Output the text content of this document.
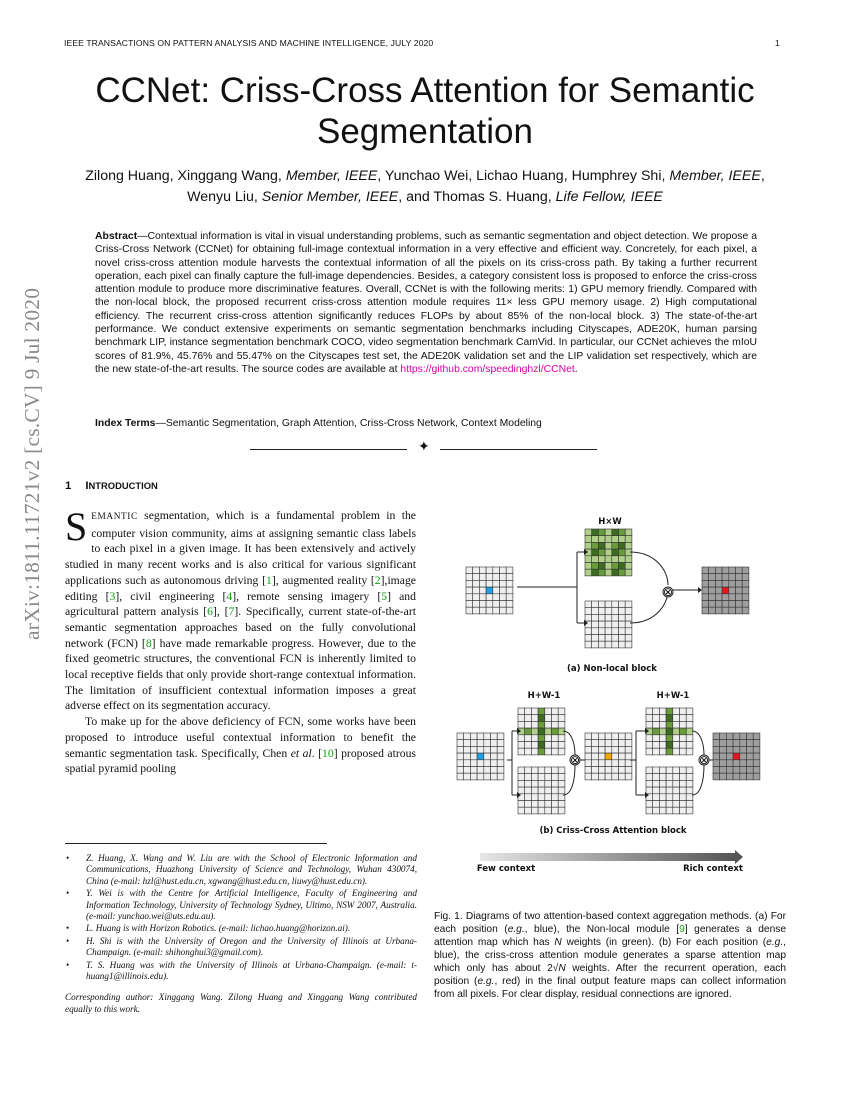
IEEE TRANSACTIONS ON PATTERN ANALYSIS AND MACHINE INTELLIGENCE, JULY 2020	1
arXiv:1811.11721v2 [cs.CV] 9 Jul 2020
CCNet: Criss-Cross Attention for Semantic Segmentation
Zilong Huang, Xinggang Wang, Member, IEEE, Yunchao Wei, Lichao Huang, Humphrey Shi, Member, IEEE, Wenyu Liu, Senior Member, IEEE, and Thomas S. Huang, Life Fellow, IEEE
Abstract—Contextual information is vital in visual understanding problems, such as semantic segmentation and object detection. We propose a Criss-Cross Network (CCNet) for obtaining full-image contextual information in a very effective and efficient way. Concretely, for each pixel, a novel criss-cross attention module harvests the contextual information of all the pixels on its criss-cross path. By taking a further recurrent operation, each pixel can finally capture the full-image dependencies. Besides, a category consistent loss is proposed to enforce the criss-cross attention module to produce more discriminative features. Overall, CCNet is with the following merits: 1) GPU memory friendly. Compared with the non-local block, the proposed recurrent criss-cross attention module requires 11× less GPU memory usage. 2) High computational efficiency. The recurrent criss-cross attention significantly reduces FLOPs by about 85% of the non-local block. 3) The state-of-the-art performance. We conduct extensive experiments on semantic segmentation benchmarks including Cityscapes, ADE20K, human parsing benchmark LIP, instance segmentation benchmark COCO, video segmentation benchmark CamVid. In particular, our CCNet achieves the mIoU scores of 81.9%, 45.76% and 55.47% on the Cityscapes test set, the ADE20K validation set and the LIP validation set respectively, which are the new state-of-the-art results. The source codes are available at https://github.com/speedinghzl/CCNet.
Index Terms—Semantic Segmentation, Graph Attention, Criss-Cross Network, Context Modeling
✦
1 INTRODUCTION

SEMANTIC segmentation, which is a fundamental problem in the computer vision community, aims at assigning semantic class labels to each pixel in a given image. It has been extensively and actively studied in many recent works and is also critical for various significant applications such as autonomous driving [1], augmented reality [2],image editing [3], civil engineering [4], remote sensing imagery [5] and agricultural pattern analysis [6], [7]. Specifically, current state-of-the-art semantic segmentation approaches based on the fully convolutional network (FCN) [8] have made remarkable progress. However, due to the fixed geometric structures, the conventional FCN is inherently limited to local receptive fields that only provide short-range contextual information. The limitation of insufficient contextual information imposes a great adverse effect on its segmentation accuracy.

To make up for the above deficiency of FCN, some works have been proposed to introduce useful contextual information to benefit the semantic segmentation task. Specifically, Chen et al. [10] proposed atrous spatial pyramid pooling

• Z. Huang, X. Wang and W. Liu are with the School of Electronic Information and Communications, Huazhong University of Science and Technology, Wuhan 430074, China (e-mail: hzl@hust.edu.cn, xgwang@hust.edu.cn, liuwy@hust.edu.cn).
• Y. Wei is with the Centre for Artificial Intelligence, Faculty of Engineering and Information Technology, University of Technology Sydney, Ultimo, NSW 2007, Australia. (e-mail: yunchao.wei@uts.edu.au).
• L. Huang is with Horizon Robotics. (e-mail: lichao.huang@horizon.ai).
• H. Shi is with the University of Oregon and the University of Illinois at Urbana-Champaign. (e-mail: shihonghui3@gmail.com).
• T. S. Huang was with the University of Illinois at Urbana-Champaign. (e-mail: t-huang1@illinois.edu).

Corresponding author: Xinggang Wang. Zilong Huang and Xinggang Wang contributed equally to this work.

⊗
⊗	⊗
H×W
(a) Non-local block
H+W-1	H+W-1
(b) Criss-Cross Attention block
Few context	Rich context
Fig. 1. Diagrams of two attention-based context aggregation methods. (a) For each position (e.g., blue), the Non-local module [9] generates a dense attention map which has N weights (in green). (b) For each position (e.g., blue), the criss-cross attention module generates a sparse attention map which only has about 2√N weights. After the recurrent operation, each position (e.g., red) in the final output feature maps can collect information from all pixels. For clear display, residual connections are ignored.
